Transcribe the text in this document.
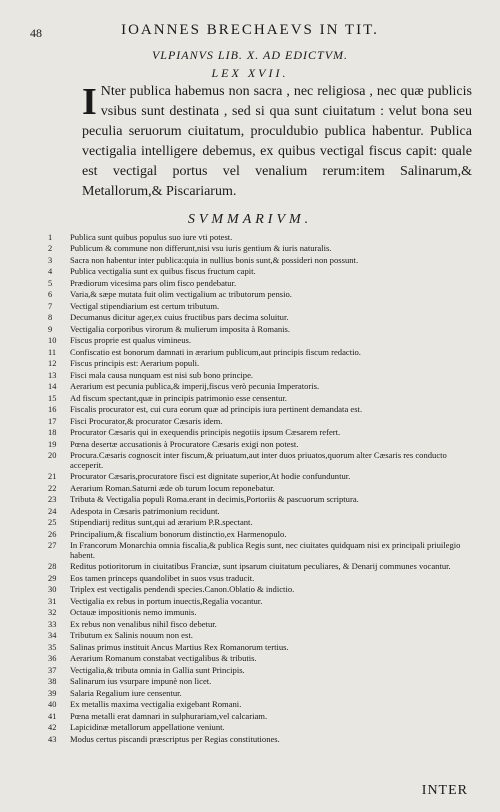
48	IOANNES BRECHAEVS IN TIT.
VLPIANVS LIB. X. AD EDICTVM.
LEX XVII.
I Nter publica habemus non sacra , nec religiosa , nec quæ publicis vsibus sunt destinata , sed si qua sunt ciuitatum : velut bona seu peculia seruorum ciuitatum, proculdubio publica habentur. Publica vectigalia intelligere debemus, ex quibus vectigal fiscus capit: quale est vectigal portus vel venalium rerum:item Salinarum,& Metallorum,& Piscariarum.
SVMMARIVM.
1	Publica sunt quibus populus suo iure vti potest.
2	Publicum & commune non differunt,nisi vsu iuris gentium & iuris naturalis.
3	Sacra non habentur inter publica:quia in nullius bonis sunt,& possideri non possunt.
4	Publica vectigalia sunt ex quibus fiscus fructum capit.
5	Prædiorum vicesima pars olim fisco pendebatur.
6	Varia,& sæpe mutata fuit olim vectigalium ac tributorum pensio.
7	Vectigal stipendiarium est certum tributum.
8	Decumanus dicitur ager,ex cuius fructibus pars decima soluitur.
9	Vectigalia corporibus virorum & mulierum imposita à Romanis.
10	Fiscus proprie est qualus vimineus.
11	Confiscatio est bonorum damnati in ærarium publicum,aut principis fiscum redactio.
12	Fiscus principis est: Aerarium populi.
13	Fisci mala causa nunquam est nisi sub bono principe.
14	Aerarium est pecunia publica,& imperij,fiscus verò pecunia Imperatoris.
15	Ad fiscum spectant,quæ in principis patrimonio esse censentur.
16	Fiscalis procurator est, cui cura eorum quæ ad principis iura pertinent demandata est.
17	Fisci Procurator,& procurator Cæsaris idem.
18	Procurator Cæsaris qui in exequendis principis negotiis ipsum Cæsarem refert.
19	Pœna desertæ accusationis à Procuratore Cæsaris exigi non potest.
20	Procura.Cæsaris cognoscit inter fiscum,& priuatum,aut inter duos priuatos,quorum alter Cæsaris res conducto acceperit.
21	Procurator Cæsaris,procuratore fisci est dignitate superior,At hodie confunduntur.
22	Aerarium Roman.Saturni æde ob turum locum reponebatur.
23	Tributa & Vectigalia populi Roma.erant in decimis,Portoriis & pascuorum scriptura.
24	Adespota in Cæsaris patrimonium recidunt.
25	Stipendiarij reditus sunt,qui ad ærarium P.R.spectant.
26	Principalium,& fiscalium bonorum distinctio,ex Harmenopulo.
27	In Francorum Monarchia omnia fiscalia,& publica Regis sunt, nec ciuitates quidquam nisi ex principali priuilegio habent.
28	Reditus potioritorum in ciuitatibus Franciæ, sunt ipsarum ciuitatum peculiares, & Denarij communes vocantur.
29	Eos tamen princeps quandolibet in suos vsus traducit.
30	Triplex est vectigalis pendendi species.Canon.Oblatio & indictio.
31	Vectigalia ex rebus in portum inuectis,Regalia vocantur.
32	Octauæ impositionis nemo immunis.
33	Ex rebus non venalibus nihil fisco debetur.
34	Tributum ex Salinis nouum non est.
35	Salinas primus instituit Ancus Martius Rex Romanorum tertius.
36	Aerarium Romanum constabat vectigalibus & tributis.
37	Vectigalia,& tributa omnia in Gallia sunt Principis.
38	Salinarum ius vsurpare impunè non licet.
39	Salaria Regalium iure censentur.
40	Ex metallis maxima vectigalia exigebant Romani.
41	Pœna metalli erat damnari in sulphurariam,vel calcariam.
42	Lapicidinæ metallorum appellatione veniunt.
43	Modus certus piscandi præscriptus per Regias constitutiones.
INTER
